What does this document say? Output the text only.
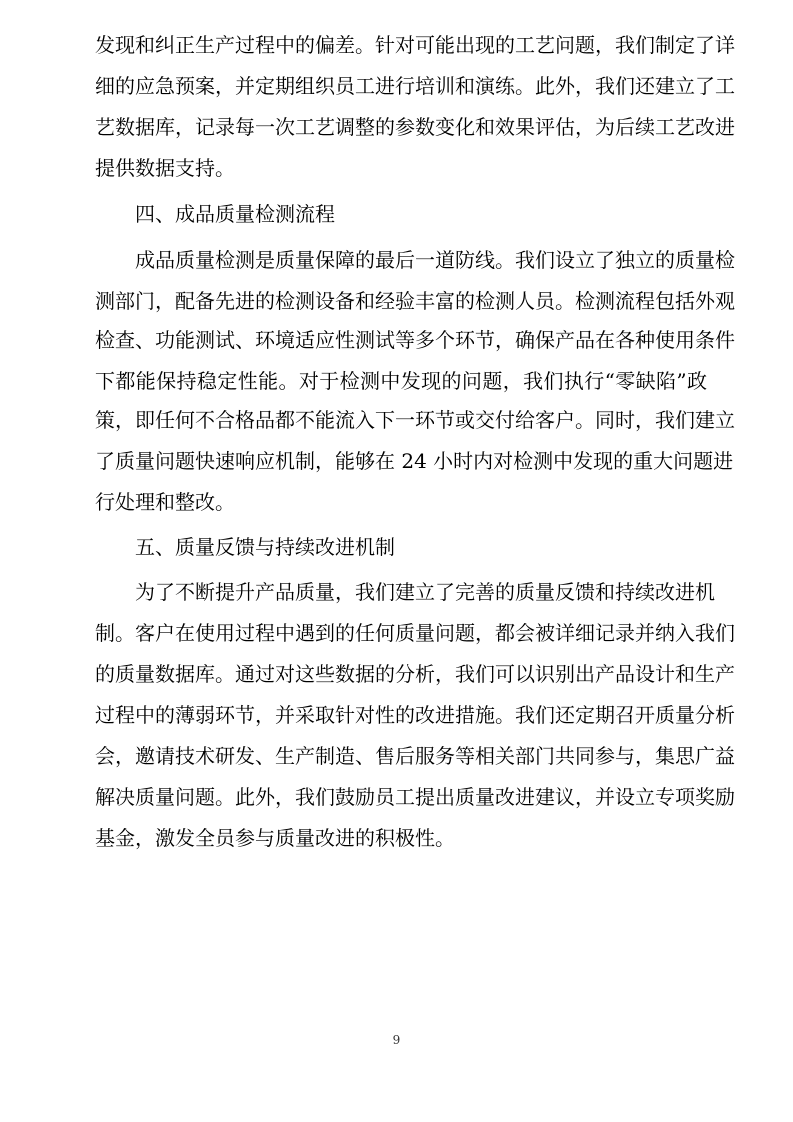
发现和纠正生产过程中的偏差。针对可能出现的工艺问题，我们制定了详
细的应急预案，并定期组织员工进行培训和演练。此外，我们还建立了工
艺数据库，记录每一次工艺调整的参数变化和效果评估，为后续工艺改进
提供数据支持。
四、成品质量检测流程
成品质量检测是质量保障的最后一道防线。我们设立了独立的质量检
测部门，配备先进的检测设备和经验丰富的检测人员。检测流程包括外观
检查、功能测试、环境适应性测试等多个环节，确保产品在各种使用条件
下都能保持稳定性能。对于检测中发现的问题，我们执行“零缺陷”政
策，即任何不合格品都不能流入下一环节或交付给客户。同时，我们建立
了质量问题快速响应机制，能够在 24 小时内对检测中发现的重大问题进
行处理和整改。
五、质量反馈与持续改进机制
为了不断提升产品质量，我们建立了完善的质量反馈和持续改进机
制。客户在使用过程中遇到的任何质量问题，都会被详细记录并纳入我们
的质量数据库。通过对这些数据的分析，我们可以识别出产品设计和生产
过程中的薄弱环节，并采取针对性的改进措施。我们还定期召开质量分析
会，邀请技术研发、生产制造、售后服务等相关部门共同参与，集思广益
解决质量问题。此外，我们鼓励员工提出质量改进建议，并设立专项奖励
基金，激发全员参与质量改进的积极性。
9
